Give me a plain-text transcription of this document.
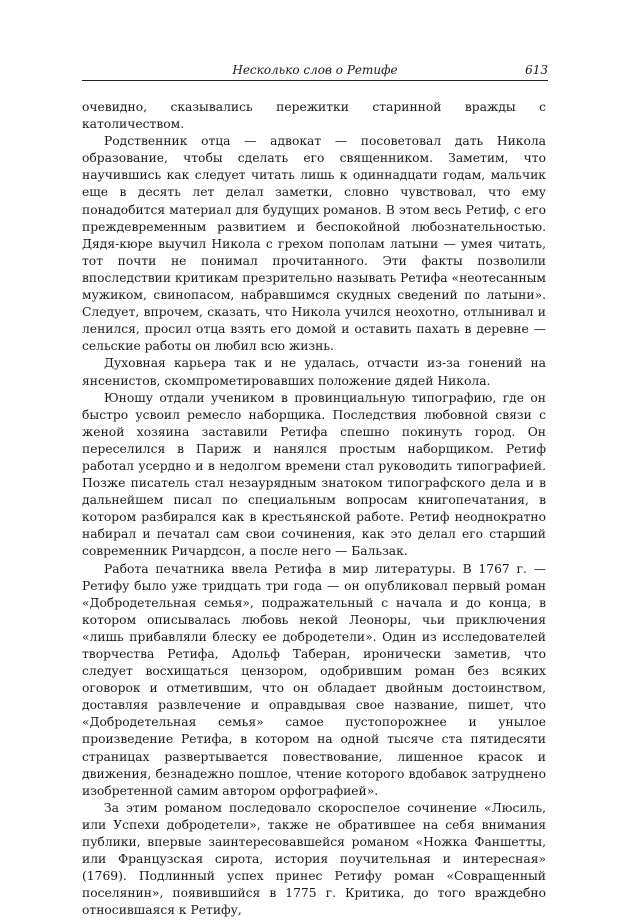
Несколько слов о Ретифе	613

очевидно, сказывались пережитки старинной вражды с католичеством.

Родственник отца — адвокат — посоветовал дать Никола образование, чтобы сделать его священником. Заметим, что научившись как следует читать лишь к одиннадцати годам, мальчик еще в десять лет делал заметки, словно чувствовал, что ему понадобится материал для будущих романов. В этом весь Ретиф, с его преждевременным развитием и беспокойной любознательностью. Дядя-кюре выучил Никола с грехом пополам латыни — умея читать, тот почти не понимал прочитанного. Эти факты позволили впоследствии критикам презрительно называть Ретифа «неотесанным мужиком, свинопасом, набравшимся скудных сведений по латыни». Следует, впрочем, сказать, что Никола учился неохотно, отлынивал и ленился, просил отца взять его домой и оставить пахать в деревне — сельские работы он любил всю жизнь.

Духовная карьера так и не удалась, отчасти из-за гонений на янсенистов, скомпрометировавших положение дядей Никола.

Юношу отдали учеником в провинциальную типографию, где он быстро усвоил ремесло наборщика. Последствия любовной связи с женой хозяина заставили Ретифа спешно покинуть город. Он переселился в Париж и нанялся простым наборщиком. Ретиф работал усердно и в недолгом времени стал руководить типографией. Позже писатель стал незаурядным знатоком типографского дела и в дальнейшем писал по специальным вопросам книгопечатания, в котором разбирался как в крестьянской работе. Ретиф неоднократно набирал и печатал сам свои сочинения, как это делал его старший современник Ричардсон, а после него — Бальзак.

Работа печатника ввела Ретифа в мир литературы. В 1767 г. — Ретифу было уже тридцать три года — он опубликовал первый роман «Добродетельная семья», подражательный с начала и до конца, в котором описывалась любовь некой Леоноры, чьи приключения «лишь прибавляли блеску ее добродетели». Один из исследователей творчества Ретифа, Адольф Таберан, иронически заметив, что следует восхищаться цензором, одобрившим роман без всяких оговорок и отметившим, что он обладает двойным достоинством, доставляя развлечение и оправдывая свое название, пишет, что «Добродетельная семья» самое пустопорожнее и унылое произведение Ретифа, в котором на одной тысяче ста пятидесяти страницах развертывается повествование, лишенное красок и движения, безнадежно пошлое, чтение которого вдобавок затруднено изобретенной самим автором орфографией».

За этим романом последовало скороспелое сочинение «Люсиль, или Успехи добродетели», также не обратившее на себя внимания публики, впервые заинтересовавшейся романом «Ножка Фаншетты, или Французская сирота, история поучительная и интересная» (1769). Подлинный успех принес Ретифу роман «Совращенный поселянин», появившийся в 1775 г. Критика, до того враждебно относившаяся к Ретифу,
